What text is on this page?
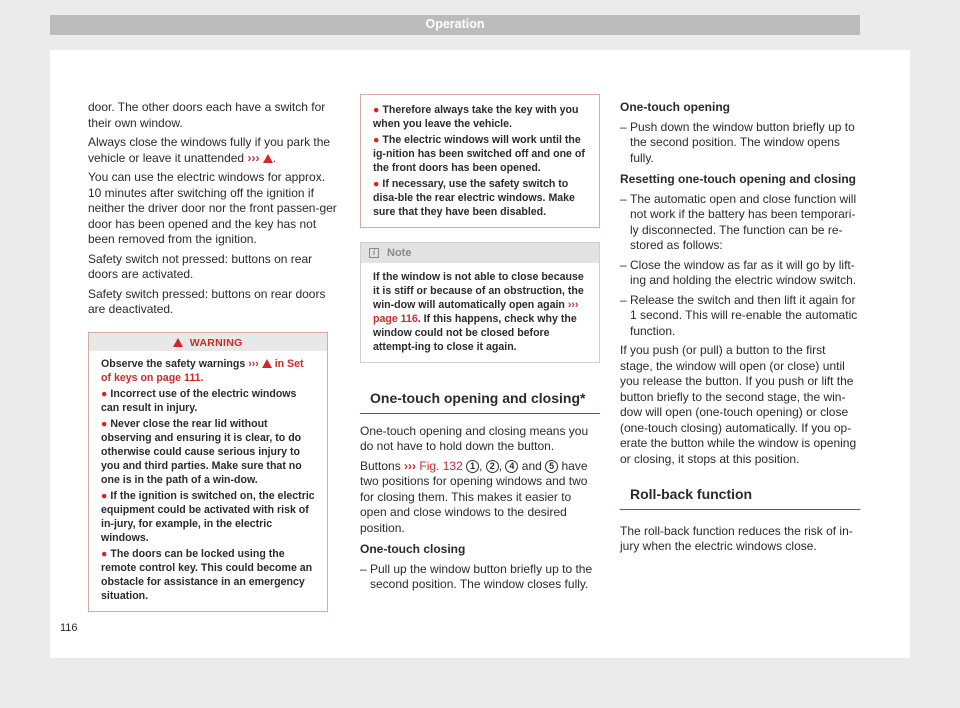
Operation

door. The other doors each have a switch for their own window.

Always close the windows fully if you park the vehicle or leave it unattended ››› .

You can use the electric windows for approx. 10 minutes after switching off the ignition if neither the driver door nor the front passen-ger door has been opened and the key has not been removed from the ignition.

Safety switch not pressed: buttons on rear doors are activated.

Safety switch pressed: buttons on rear doors are deactivated.

WARNING
Observe the safety warnings ››› in Set of keys on page 111.
● Incorrect use of the electric windows can result in injury.
● Never close the rear lid without observing and ensuring it is clear, to do otherwise could cause serious injury to you and third parties. Make sure that no one is in the path of a win-dow.
● If the ignition is switched on, the electric equipment could be activated with risk of in-jury, for example, in the electric windows.
● The doors can be locked using the remote control key. This could become an obstacle for assistance in an emergency situation.
● Therefore always take the key with you when you leave the vehicle.
● The electric windows will work until the ig-nition has been switched off and one of the front doors has been opened.
● If necessary, use the safety switch to disa-ble the rear electric windows. Make sure that they have been disabled.
i	Note
If the window is not able to close because it is stiff or because of an obstruction, the win-dow will automatically open again ››› page 116. If this happens, check why the window could not be closed before attempt-ing to close it again.
One-touch opening and closing*

One-touch opening and closing means you do not have to hold down the button.

Buttons ››› Fig. 132 1 , 2 , 4 and 5 have two positions for opening windows and two for closing them. This makes it easier to open and close windows to the desired position.

One-touch closing

– Pull up the window button briefly up to the second position. The window closes fully.

One-touch opening

– Push down the window button briefly up to the second position. The window opens fully.

Resetting one-touch opening and closing

– The automatic open and close function will not work if the battery has been temporari-ly disconnected. The function can be re-stored as follows:
– Close the window as far as it will go by lift-ing and holding the electric window switch.
– Release the switch and then lift it again for 1 second. This will re-enable the automatic function.

If you push (or pull) a button to the first stage, the window will open (or close) until you release the button. If you push or lift the button briefly to the second stage, the win-dow will open (one-touch opening) or close (one-touch closing) automatically. If you op-erate the button while the window is opening or closing, it stops at this position.

Roll-back function

The roll-back function reduces the risk of in-jury when the electric windows close.

116
